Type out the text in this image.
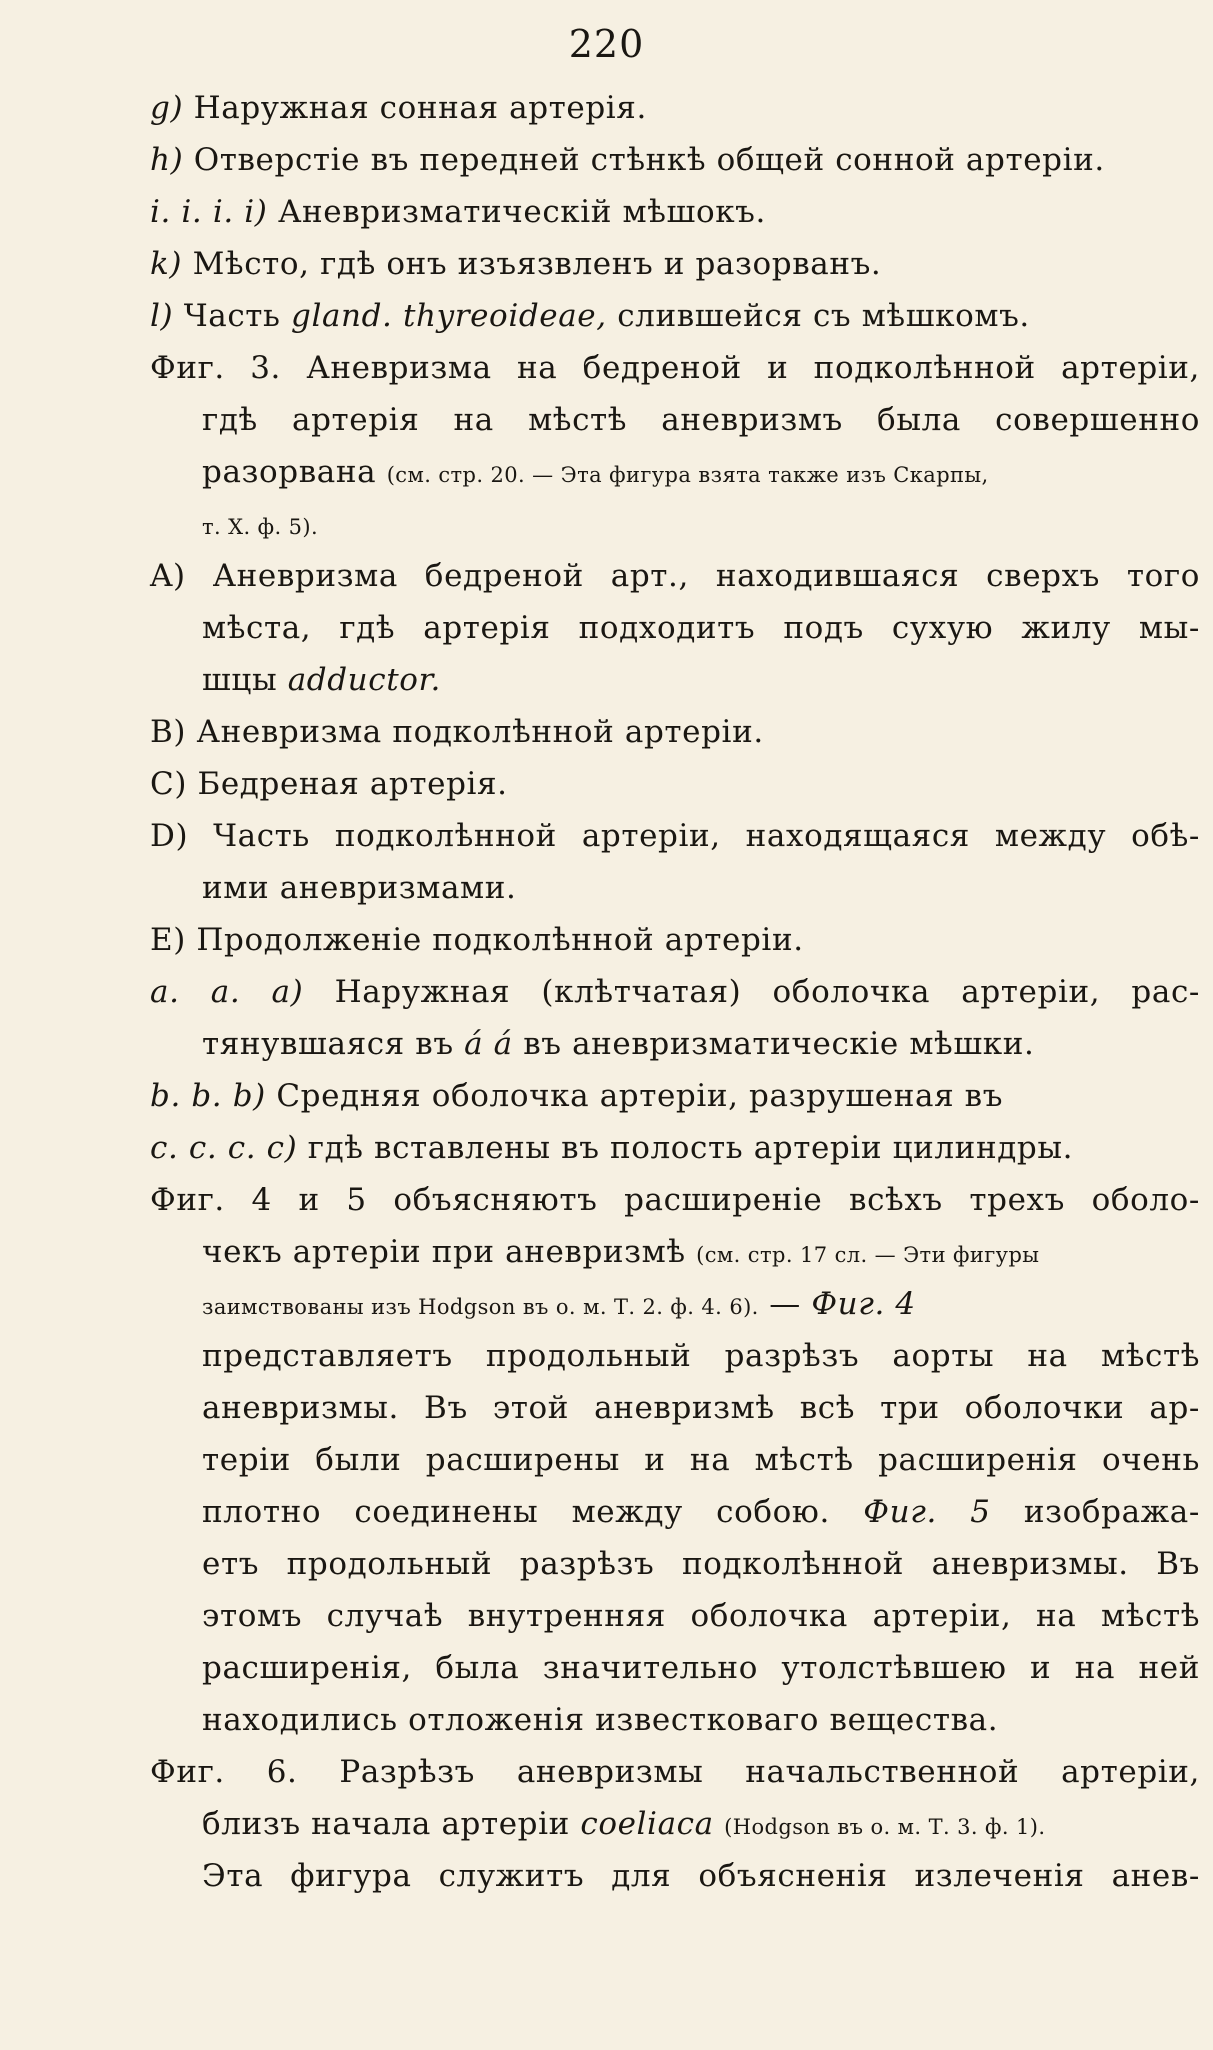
220
g) Наружная сонная артерія.
h) Отверстіе въ передней стѣнкѣ общей сонной артеріи.
i. i. i. i) Аневризматическій мѣшокъ.
k) Мѣсто, гдѣ онъ изъязвленъ и разорванъ.
l) Часть gland. thyreoideae, слившейся съ мѣшкомъ.
Фиг. 3. Аневризма на бедреной и подколѣнной артеріи,
гдѣ артерія на мѣстѣ аневризмъ была совершенно
разорвана (см. стр. 20. — Эта фигура взята также изъ Скарпы,
т. X. ф. 5).
A) Аневризма бедреной арт., находившаяся сверхъ того
мѣста, гдѣ артерія подходитъ подъ сухую жилу мы-
шцы adductor.
B) Аневризма подколѣнной артеріи.
C) Бедреная артерія.
D) Часть подколѣнной артеріи, находящаяся между обѣ-
ими аневризмами.
E) Продолженіе подколѣнной артеріи.
a. a. a) Наружная (клѣтчатая) оболочка артеріи, рас-
тянувшаяся въ á á въ аневризматическіе мѣшки.
b. b. b) Средняя оболочка артеріи, разрушеная въ
c. c. c. c) гдѣ вставлены въ полость артеріи цилиндры.
Фиг. 4 и 5 объясняютъ расширеніе всѣхъ трехъ оболо-
чекъ артеріи при аневризмѣ (см. стр. 17 сл. — Эти фигуры
заимствованы изъ Hodgson въ о. м. Т. 2. ф. 4. 6). — Фиг. 4
представляетъ продольный разрѣзъ аорты на мѣстѣ
аневризмы. Въ этой аневризмѣ всѣ три оболочки ар-
теріи были расширены и на мѣстѣ расширенія очень
плотно соединены между собою. Фиг. 5 изобража-
етъ продольный разрѣзъ подколѣнной аневризмы. Въ
этомъ случаѣ внутренняя оболочка артеріи, на мѣстѣ
расширенія, была значительно утолстѣвшею и на ней
находились отложенія известковаго вещества.
Фиг. 6. Разрѣзъ аневризмы начальственной артеріи,
близъ начала артеріи coeliaca (Hodgson въ о. м. Т. 3. ф. 1).
Эта фигура служитъ для объясненія излеченія анев-
